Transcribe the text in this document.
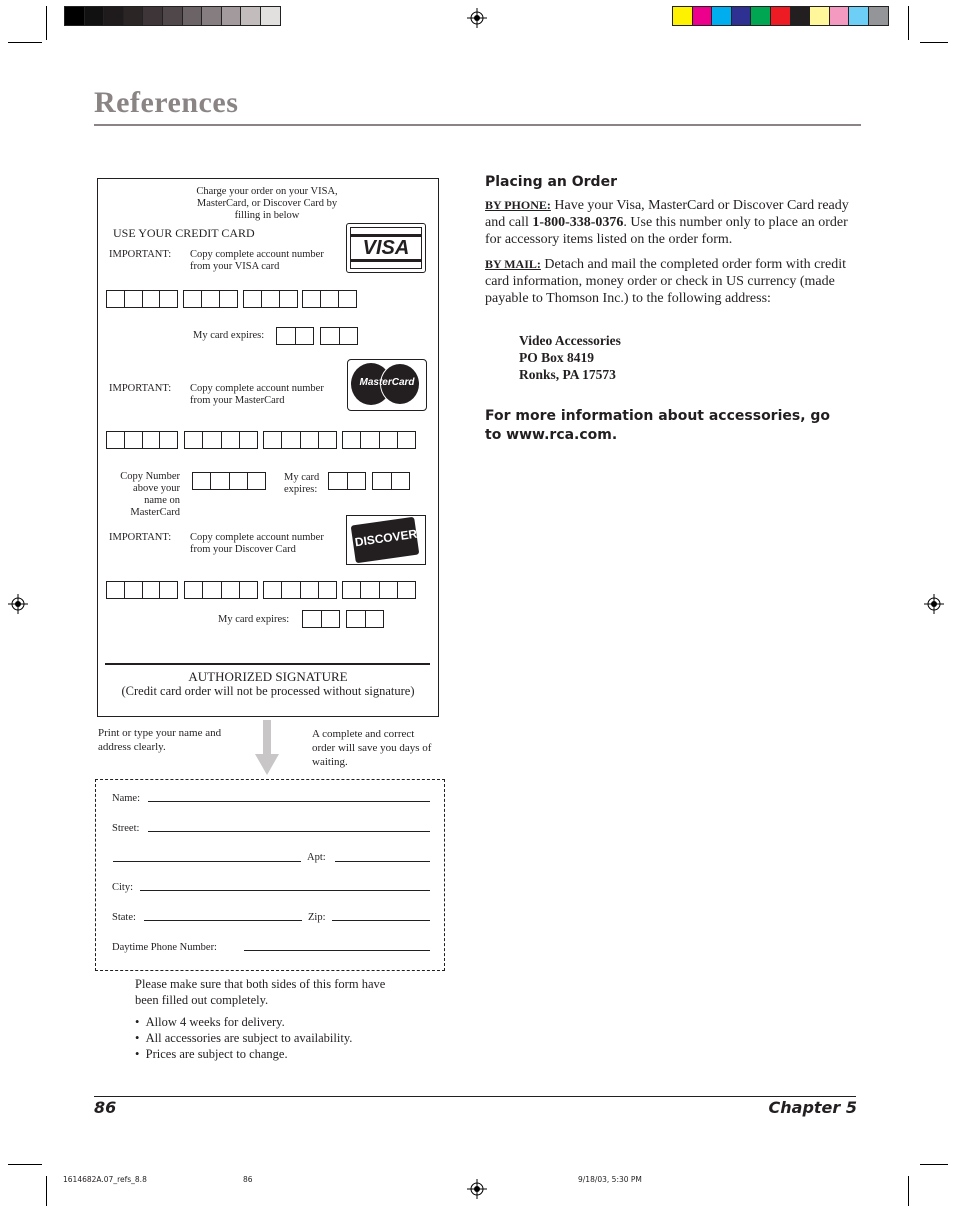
References
Charge your order on your VISA, MasterCard, or Discover Card by filling in below
USE YOUR CREDIT CARD
IMPORTANT: Copy complete account number from your VISA card
VISA
My card expires:
IMPORTANT: Copy complete account number from your MasterCard
MasterCard
Copy Number above your name on MasterCard
My card expires:
IMPORTANT: Copy complete account number from your Discover Card
DISCOVER
My card expires:
AUTHORIZED SIGNATURE
(Credit card order will not be processed without signature)
Print or type your name and address clearly.
A complete and correct order will save you days of waiting.
Name:
Street:
Apt:
City:
State:	Zip:
Daytime Phone Number:
Please make sure that both sides of this form have been filled out completely.
•  Allow 4 weeks for delivery.
•  All accessories are subject to availability.
•  Prices are subject to change.
Placing an Order
BY PHONE: Have your Visa, MasterCard or Discover Card ready and call 1-800-338-0376. Use this number only to place an order for accessory items listed on the order form.
BY MAIL: Detach and mail the completed order form with credit card information, money order or check in US currency (made payable to Thomson Inc.) to the following address:
Video Accessories
PO Box 8419
Ronks, PA 17573
For more information about accessories, go to www.rca.com.
86	Chapter 5
1614682A.07_refs_8.8	86	9/18/03, 5:30 PM
